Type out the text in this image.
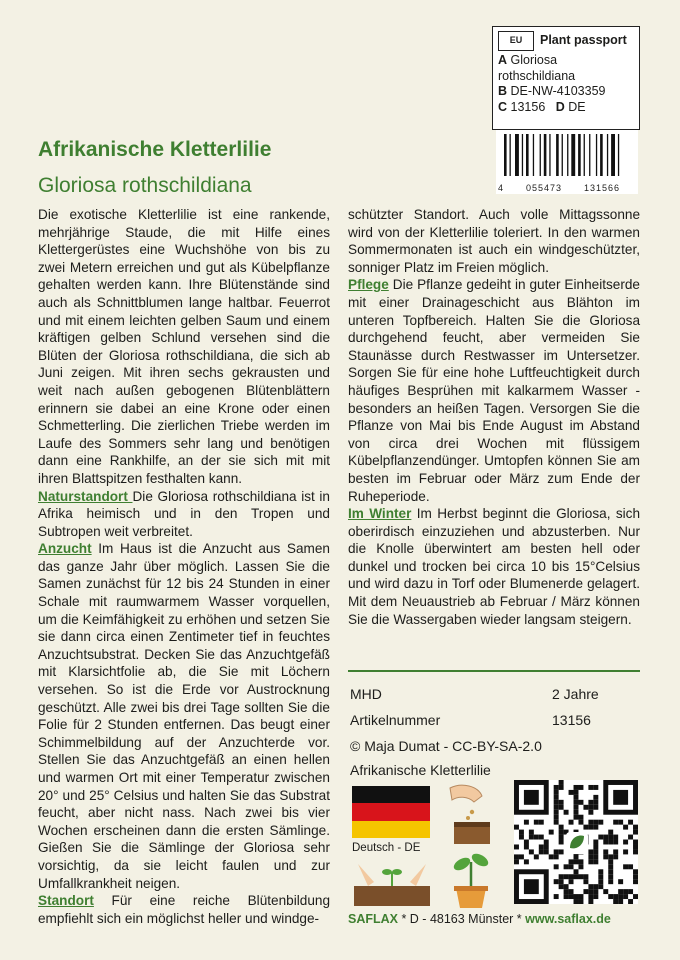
EU Plant passport
A Gloriosa
rothschildiana
B DE-NW-4103359
C 13156 D DE
4 055473 131566
Afrikanische Kletterlilie
Gloriosa rothschildiana

Die exotische Kletterlilie ist eine rankende, mehrjährige Staude, die mit Hilfe eines Klettergerüstes eine Wuchshöhe von bis zu zwei Metern erreichen und gut als Kübelpflanze gehalten werden kann. Ihre Blütenstände sind auch als Schnittblumen lange haltbar. Feuerrot und mit einem leichten gelben Saum und einem kräftigen gelben Schlund versehen sind die Blüten der Gloriosa rothschildiana, die sich ab Juni zeigen. Mit ihren sechs gekrausten und weit nach außen gebogenen Blütenblättern erinnern sie dabei an eine Krone oder einen Schmetterling. Die zierlichen Triebe werden im Laufe des Sommers sehr lang und benötigen dann eine Rankhilfe, an der sie sich mit mit ihren Blattspitzen festhalten kann.

Naturstandort Die Gloriosa rothschildiana ist in Afrika heimisch und in den Tropen und Subtropen weit verbreitet.

Anzucht Im Haus ist die Anzucht aus Samen das ganze Jahr über möglich. Lassen Sie die Samen zunächst für 12 bis 24 Stunden in einer Schale mit raumwarmem Wasser vorquellen, um die Keimfähigkeit zu erhöhen und setzen Sie sie dann circa einen Zentimeter tief in feuchtes Anzuchtsubstrat. Decken Sie das Anzuchtgefäß mit Klarsichtfolie ab, die Sie mit Löchern versehen. So ist die Erde vor Austrocknung geschützt. Alle zwei bis drei Tage sollten Sie die Folie für 2 Stunden entfernen. Das beugt einer Schimmelbildung auf der Anzuchterde vor. Stellen Sie das Anzuchtgefäß an einen hellen und warmen Ort mit einer Temperatur zwischen 20° und 25° Celsius und halten Sie das Substrat feucht, aber nicht nass. Nach zwei bis vier Wochen erscheinen dann die ersten Sämlinge. Gießen Sie die Sämlinge der Gloriosa sehr vorsichtig, da sie leicht faulen und zur Umfallkrankheit neigen.

Standort Für eine reiche Blütenbildung empfiehlt sich ein möglichst heller und windge-

schützter Standort. Auch volle Mittagssonne wird von der Kletterlilie toleriert. In den warmen Sommermonaten ist auch ein windgeschützter, sonniger Platz im Freien möglich.

Pflege Die Pflanze gedeiht in guter Einheitserde mit einer Drainageschicht aus Blähton im unteren Topfbereich. Halten Sie die Gloriosa durchgehend feucht, aber vermeiden Sie Staunässe durch Restwasser im Untersetzer. Sorgen Sie für eine hohe Luftfeuchtigkeit durch häufiges Besprühen mit kalkarmem Wasser - besonders an heißen Tagen. Versorgen Sie die Pflanze von Mai bis Ende August im Abstand von circa drei Wochen mit flüssigem Kübelpflanzendünger. Umtopfen können Sie am besten im Februar oder März zum Ende der Ruheperiode.

Im Winter Im Herbst beginnt die Gloriosa, sich oberirdisch einzuziehen und abzusterben. Nur die Knolle überwintert am besten hell oder dunkel und trocken bei circa 10 bis 15°Celsius und wird dazu in Torf oder Blumenerde gelagert. Mit dem Neuaustrieb ab Februar / März können Sie die Wassergaben wieder langsam steigern.

MHD	2 Jahre
Artikelnummer	13156
© Maja Dumat - CC-BY-SA-2.0
Afrikanische Kletterlilie
Deutsch - DE
SAFLAX * D - 48163 Münster * www.saflax.de
